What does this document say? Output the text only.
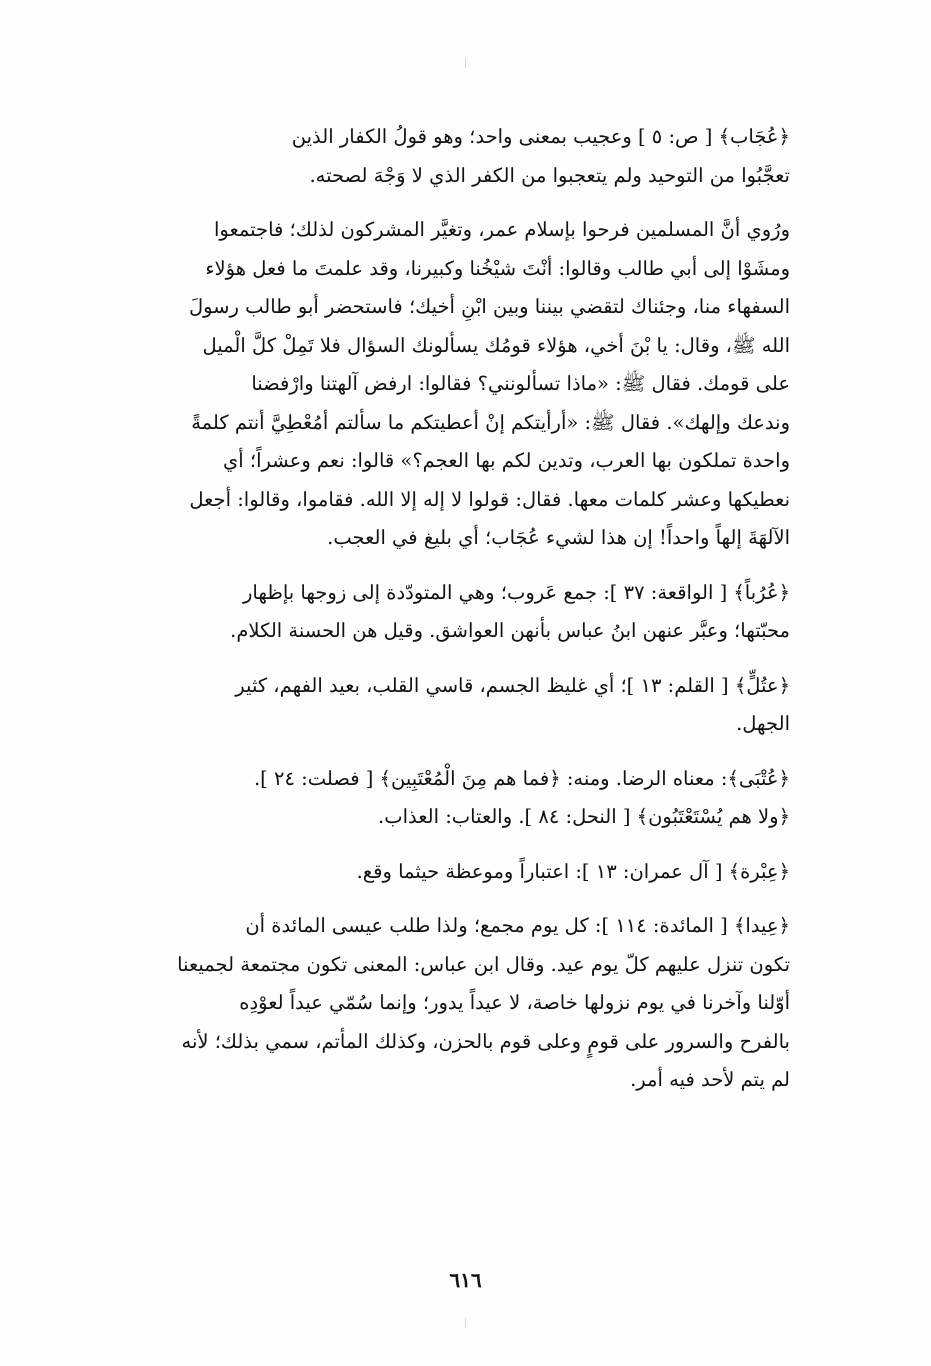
﴿عُجَاب﴾ [ ص: ٥ ] وعجيب بمعنى واحد؛ وهو قولُ الكفار الذين

تعجَّبُوا من التوحيد ولم يتعجبوا من الكفر الذي لا وَجْهَ لصحته.

ورُوي أنَّ المسلمين فرحوا بإسلام عمر، وتغيَّر المشركون لذلك؛ فاجتمعوا

ومشَوْا إلى أبي طالب وقالوا: أنْتَ شيْخُنا وكبيرنا، وقد علمتَ ما فعل هؤلاء

السفهاء منا، وجئناك لتقضي بيننا وبين ابْنِ أخيك؛ فاستحضر أبو طالب رسولَ

الله ﷺ، وقال: يا بْنَ أخي، هؤلاء قومُك يسألونك السؤال فلا تَمِلْ كلَّ الْميل

على قومك. فقال ﷺ: «ماذا تسألونني؟ فقالوا: ارفض آلهتنا وارْفضنا

وندعك وإلهك». فقال ﷺ: «أرأيتكم إنْ أعطيتكم ما سألتم أمُعْطِيَّ أنتم كلمةً

واحدة تملكون بها العرب، وتدين لكم بها العجم؟» قالوا: نعم وعشراً؛ أي

نعطيكها وعشر كلمات معها. فقال: قولوا لا إله إلا الله. فقاموا، وقالوا: أجعل

الآلهَةَ إلهاً واحداً! إن هذا لشيء عُجَاب؛ أي بليغ في العجب.

﴿عُرُباً﴾ [ الواقعة: ٣٧ ]: جمع عَروب؛ وهي المتودّدة إلى زوجها بإظهار

محبّتها؛ وعبَّر عنهن ابنُ عباس بأنهن العواشق. وقيل هن الحسنة الكلام.

﴿عتُلٍّ﴾ [ القلم: ١٣ ]؛ أي غليظ الجسم، قاسي القلب، بعيد الفهم، كثير

الجهل.

﴿عُتْبَى﴾: معناه الرضا. ومنه: ﴿فما هم مِنَ الْمُعْتَبِين﴾ [ فصلت: ٢٤ ].

﴿ولا هم يُسْتَعْتَبُون﴾ [ النحل: ٨٤ ]. والعتاب: العذاب.

﴿عِبْرة﴾ [ آل عمران: ١٣ ]: اعتباراً وموعظة حيثما وقع.

﴿عِيدا﴾ [ المائدة: ١١٤ ]: كل يوم مجمع؛ ولذا طلب عيسى المائدة أن

تكون تنزل عليهم كلّ يوم عيد. وقال ابن عباس: المعنى تكون مجتمعة لجميعنا

أوّلنا وآخرنا في يوم نزولها خاصة، لا عيداً يدور؛ وإنما سُمّي عيداً لعوْدِه

بالفرح والسرور على قومٍ وعلى قوم بالحزن، وكذلك المأتم، سمي بذلك؛ لأنه

لم يتم لأحد فيه أمر.

٦١٦
